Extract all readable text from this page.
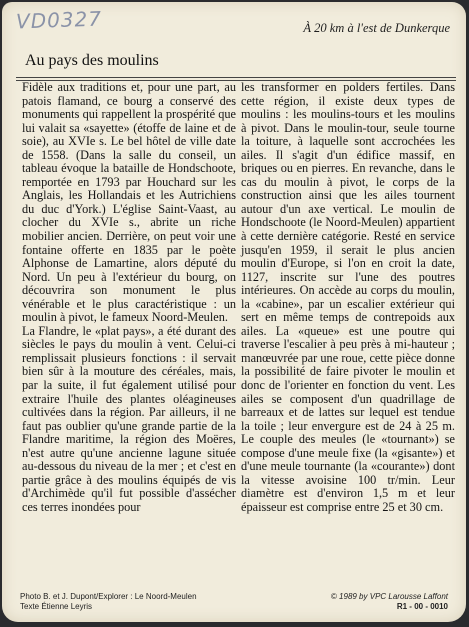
VD0327	À 20 km à l'est de Dunkerque
Au pays des moulins

Fidèle aux traditions et, pour une part, au patois flamand, ce bourg a conservé des monuments qui rappellent la prospérité que lui valait sa «sayette» (étoffe de laine et de soie), au XVIe s. Le bel hôtel de ville date de 1558. (Dans la salle du conseil, un tableau évoque la bataille de Hondschoote, remportée en 1793 par Houchard sur les Anglais, les Hollandais et les Autrichiens du duc d'York.) L'église Saint-Vaast, au clocher du XVIe s., abrite un riche mobilier ancien. Derrière, on peut voir une fontaine offerte en 1835 par le poète Alphonse de Lamartine, alors député du Nord. Un peu à l'extérieur du bourg, on découvrira son monument le plus vénérable et le plus caractéristique : un moulin à pivot, le fameux Noord-Meulen.

La Flandre, le «plat pays», a été durant des siècles le pays du moulin à vent. Celui-ci remplissait plusieurs fonctions : il servait bien sûr à la mouture des céréales, mais, par la suite, il fut également utilisé pour extraire l'huile des plantes oléagineuses cultivées dans la région. Par ailleurs, il ne faut pas oublier qu'une grande partie de la Flandre maritime, la région des Moëres, n'est autre qu'une ancienne lagune située au-dessous du niveau de la mer ; et c'est en partie grâce à des moulins équipés de vis d'Archimède qu'il fut possible d'assécher ces terres inondées pour

les transformer en polders fertiles. Dans cette région, il existe deux types de moulins : les moulins-tours et les moulins à pivot. Dans le moulin-tour, seule tourne la toiture, à laquelle sont accrochées les ailes. Il s'agit d'un édifice massif, en briques ou en pierres. En revanche, dans le cas du moulin à pivot, le corps de la construction ainsi que les ailes tournent autour d'un axe vertical. Le moulin de Hondschoote (le Noord-Meulen) appartient à cette dernière catégorie. Resté en service jusqu'en 1959, il serait le plus ancien moulin d'Europe, si l'on en croit la date, 1127, inscrite sur l'une des poutres intérieures. On accède au corps du moulin, la «cabine», par un escalier extérieur qui sert en même temps de contrepoids aux ailes. La «queue» est une poutre qui traverse l'escalier à peu près à mi-hauteur ; manœuvrée par une roue, cette pièce donne la possibilité de faire pivoter le moulin et donc de l'orienter en fonction du vent. Les ailes se composent d'un quadrillage de barreaux et de lattes sur lequel est tendue la toile ; leur envergure est de 24 à 25 m. Le couple des meules (le «tournant») se compose d'une meule fixe (la «gisante») et d'une meule tournante (la «courante») dont la vitesse avoisine 100 tr/min. Leur diamètre est d'environ 1,5 m et leur épaisseur est comprise entre 25 et 30 cm.

Photo B. et J. Dupont/Explorer : Le Noord-Meulen
Texte Étienne Leyris
© 1989 by VPC Larousse Laffont
R1 - 00 - 0010
